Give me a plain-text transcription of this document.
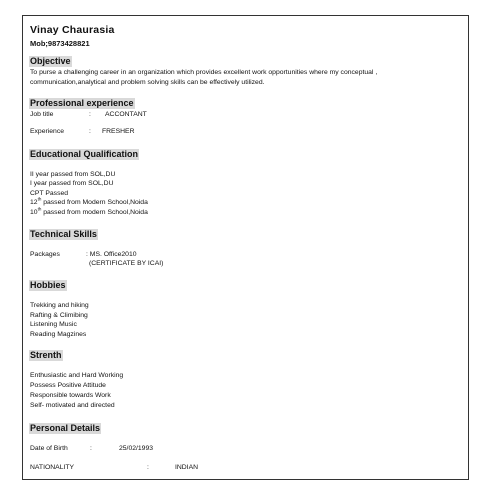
Vinay Chaurasia
Mob;9873428821
Objective
To purse a challenging career in an organization which provides excellent work opportunities where my conceptual ,
communication,analytical and problem solving skills can be effectively utilized.
Professional experience
Job title	: ACCONTANT
Experience	: FRESHER
Educational Qualification
II year passed from SOL,DU
I year passed from SOL,DU
CPT Passed
12th passed from Modern School,Noida
10th passed from modern School,Noida
Technical Skills
Packages	: MS. Office2010
(CERTIFICATE BY ICAI)
Hobbies
Trekking and hiking
Rafting & Climibing
Listening Music
Reading Magzines
Strenth
Enthusiastic and Hard Working
Possess Positive Attitude
Responsible towards Work
Self- motivated and directed
Personal Details
Date of Birth	:	25/02/1993
NATIONALITY	:	INDIAN
